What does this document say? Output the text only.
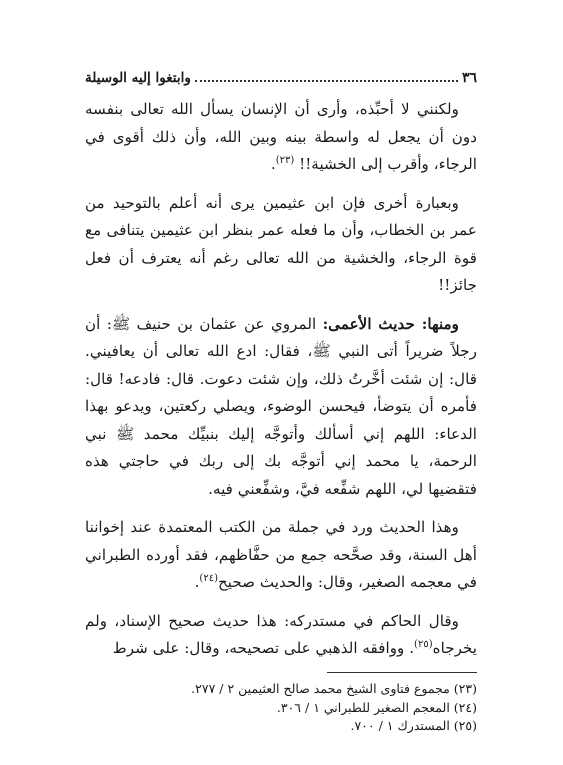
٣٦
وابتغوا إليه الوسيلة

ولكنني لا أحبِّذه، وأرى أن الإنسان يسأل الله تعالى بنفسه دون أن يجعل له واسطة بينه وبين الله، وأن ذلك أقوى في الرجاء، وأقرب إلى الخشية!! $^{(٢٣)}$.

وبعبارة أخرى فإن ابن عثيمين يرى أنه أعلم بالتوحيد من عمر بن الخطاب، وأن ما فعله عمر بنظر ابن عثيمين يتنافى مع قوة الرجاء، والخشية من الله تعالى رغم أنه يعترف أن فعل جائز!!

ومنها: حديث الأعمى: المروي عن عثمان بن حنيف ﷺ: أن رجلاً ضريراً أتى النبي ﷺ، فقال: ادع الله تعالى أن يعافيني. قال: إن شئت أخَّرتُ ذلك، وإن شئت دعوت. قال: فادعه! قال: فأمره أن يتوضأ، فيحسن الوضوء، ويصلي ركعتين، ويدعو بهذا الدعاء: اللهم إني أسألك وأتوجَّه إليك بنبيِّك محمد ﷺ نبي الرحمة، يا محمد إني أتوجَّه بك إلى ربك في حاجتي هذه فتقضيها لي، اللهم شفِّعه فيَّ، وشفِّعني فيه.

وهذا الحديث ورد في جملة من الكتب المعتمدة عند إخواننا أهل السنة، وقد صحَّحه جمع من حفَّاظهم، فقد أورده الطبراني في معجمه الصغير، وقال: والحديث صحيح$^{(٢٤)}$.

وقال الحاكم في مستدركه: هذا حديث صحيح الإسناد، ولم يخرجاه$^{(٢٥)}$. ووافقه الذهبي على تصحيحه، وقال: على شرط

(٢٣) مجموع فتاوى الشيخ محمد صالح العثيمين ٢ / ٢٧٧.
(٢٤) المعجم الصغير للطبراني ١ / ٣٠٦.
(٢٥) المستدرك ١ / ٧٠٠.
